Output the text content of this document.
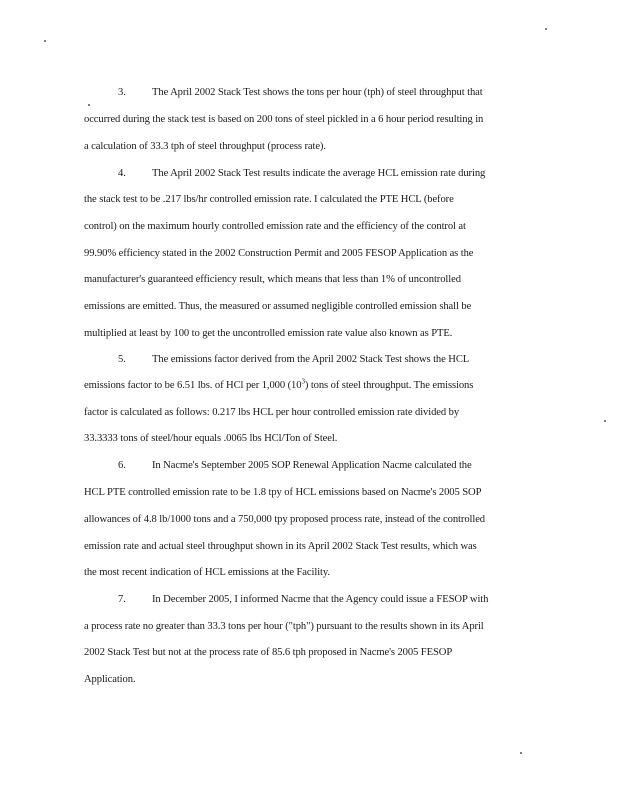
3. The April 2002 Stack Test shows the tons per hour (tph) of steel throughput that
occurred during the stack test is based on 200 tons of steel pickled in a 6 hour period resulting in
a calculation of 33.3 tph of steel throughput (process rate).
4. The April 2002 Stack Test results indicate the average HCL emission rate during
the stack test to be .217 lbs/hr controlled emission rate. I calculated the PTE HCL (before
control) on the maximum hourly controlled emission rate and the efficiency of the control at
99.90% efficiency stated in the 2002 Construction Permit and 2005 FESOP Application as the
manufacturer's guaranteed efficiency result, which means that less than 1% of uncontrolled
emissions are emitted. Thus, the measured or assumed negligible controlled emission shall be
multiplied at least by 100 to get the uncontrolled emission rate value also known as PTE.
5. The emissions factor derived from the April 2002 Stack Test shows the HCL
emissions factor to be 6.51 lbs. of HCl per 1,000 $(10^3)$ tons of steel throughput. The emissions
factor is calculated as follows: 0.217 lbs HCL per hour controlled emission rate divided by
33.3333 tons of steel/hour equals .0065 lbs HCl/Ton of Steel.
6. In Nacme's September 2005 SOP Renewal Application Nacme calculated the
HCL PTE controlled emission rate to be 1.8 tpy of HCL emissions based on Nacme's 2005 SOP
allowances of 4.8 lb/1000 tons and a 750,000 tpy proposed process rate, instead of the controlled
emission rate and actual steel throughput shown in its April 2002 Stack Test results, which was
the most recent indication of HCL emissions at the Facility.
7. In December 2005, I informed Nacme that the Agency could issue a FESOP with
a process rate no greater than 33.3 tons per hour ("tph") pursuant to the results shown in its April
2002 Stack Test but not at the process rate of 85.6 tph proposed in Nacme's 2005 FESOP
Application.
